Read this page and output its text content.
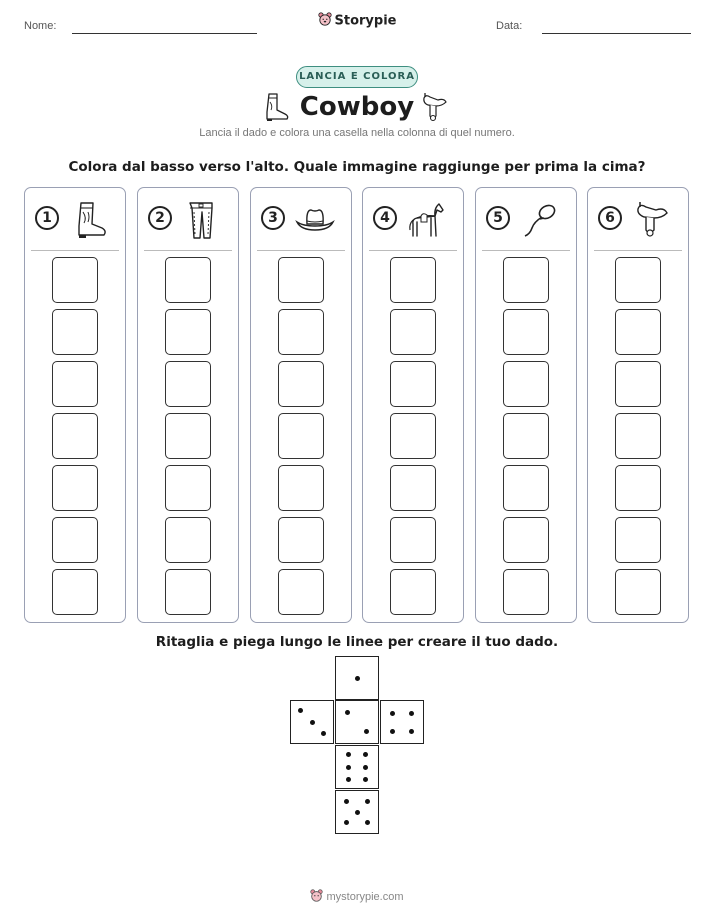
Nome:	Storypie	Data:
LANCIA E COLORA
Cowboy
Lancia il dado e colora una casella nella colonna di quel numero.
Colora dal basso verso l'alto. Quale immagine raggiunge per prima la cima?
1	2	3	4	5	6
Ritaglia e piega lungo le linee per creare il tuo dado.
mystorypie.com
